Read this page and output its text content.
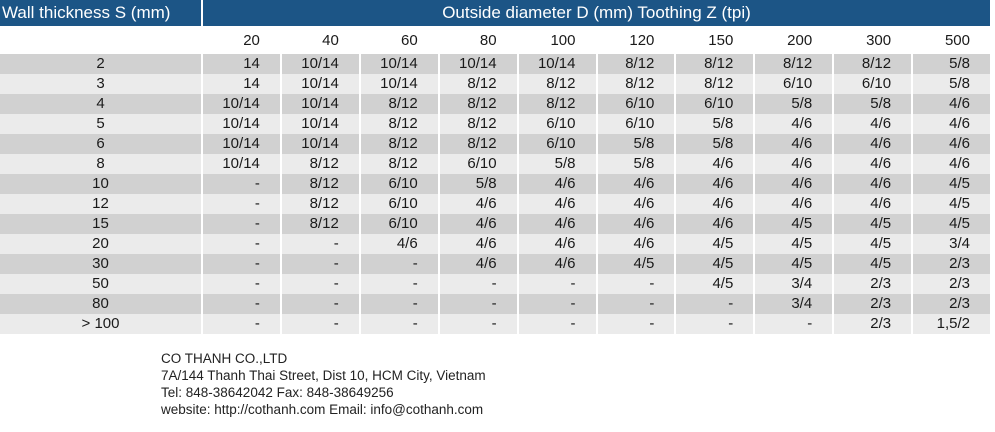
Wall thickness S (mm)	Outside diameter D (mm) Toothing Z (tpi)
20	40	60	80	100	120	150	200	300	500
2	14	10/14	10/14	10/14	10/14	8/12	8/12	8/12	8/12	5/8
3	14	10/14	10/14	8/12	8/12	8/12	8/12	6/10	6/10	5/8
4	10/14	10/14	8/12	8/12	8/12	6/10	6/10	5/8	5/8	4/6
5	10/14	10/14	8/12	8/12	6/10	6/10	5/8	4/6	4/6	4/6
6	10/14	10/14	8/12	8/12	6/10	5/8	5/8	4/6	4/6	4/6
8	10/14	8/12	8/12	6/10	5/8	5/8	4/6	4/6	4/6	4/6
10	-	8/12	6/10	5/8	4/6	4/6	4/6	4/6	4/6	4/5
12	-	8/12	6/10	4/6	4/6	4/6	4/6	4/6	4/6	4/5
15	-	8/12	6/10	4/6	4/6	4/6	4/6	4/5	4/5	4/5
20	-	-	4/6	4/6	4/6	4/6	4/5	4/5	4/5	3/4
30	-	-	-	4/6	4/6	4/5	4/5	4/5	4/5	2/3
50	-	-	-	-	-	-	4/5	3/4	2/3	2/3
80	-	-	-	-	-	-	-	3/4	2/3	2/3
> 100	-	-	-	-	-	-	-	-	2/3	1,5/2
CO THANH CO.,LTD
7A/144 Thanh Thai Street, Dist 10, HCM City, Vietnam
Tel: 848-38642042 Fax: 848-38649256
website: http://cothanh.com Email: info@cothanh.com
